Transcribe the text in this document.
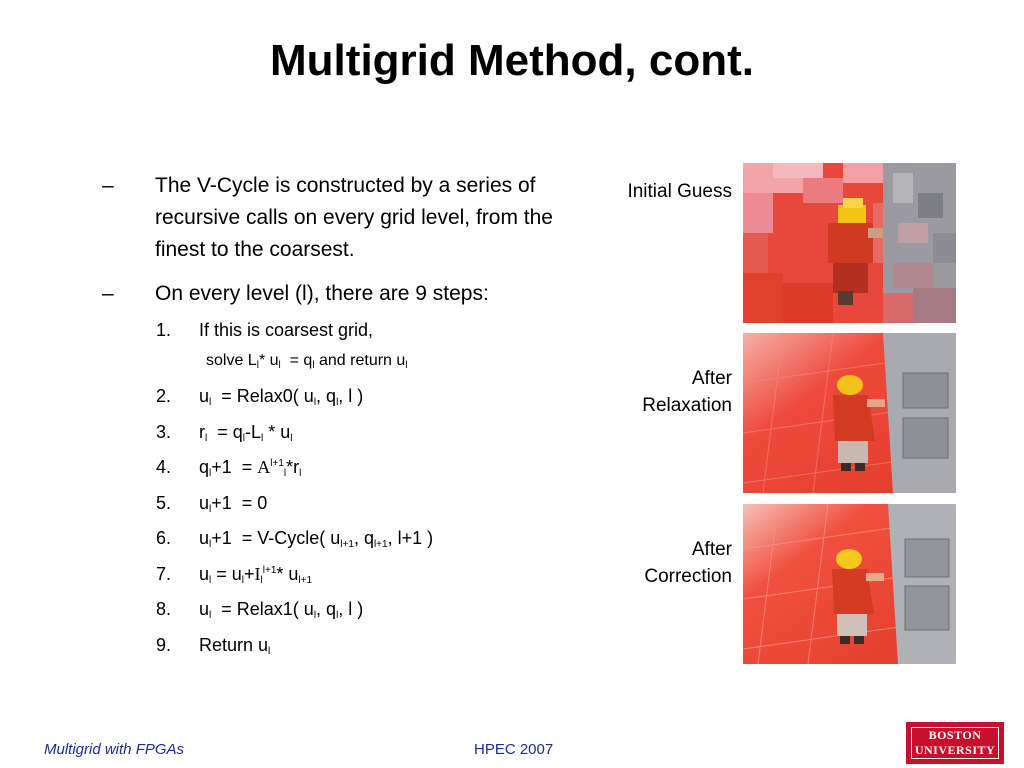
Multigrid Method, cont.
– The V-Cycle is constructed by a series of recursive calls on every grid level, from the finest to the coarsest.
– On every level (l), there are 9 steps:
1. If this is coarsest grid,
solve $L_l*$ $u_l = q_l$ and return $u_l$
2. $u_l$  = Relax0( $u_l$, $q_l$, l )
3. $r_l = q_l-L_l * u_l$
4. $q_l+1 = A^{l+1}_l*r_l$
5. $u_l+1 = 0$
6. $u_l+1$  = V-Cycle( $u_{l+1}$, $q_{l+1}$, l+1 )
7. $u_l = u_l+I_l^{l+1}*$ $u_{l+1}$
8. $u_l$  = Relax1( $u_l$, $q_l$, l )
9. Return $u_l$
Initial Guess
After
Relaxation
After
Correction
Multigrid with FPGAs	HPEC 2007
BOSTON
UNIVERSITY
